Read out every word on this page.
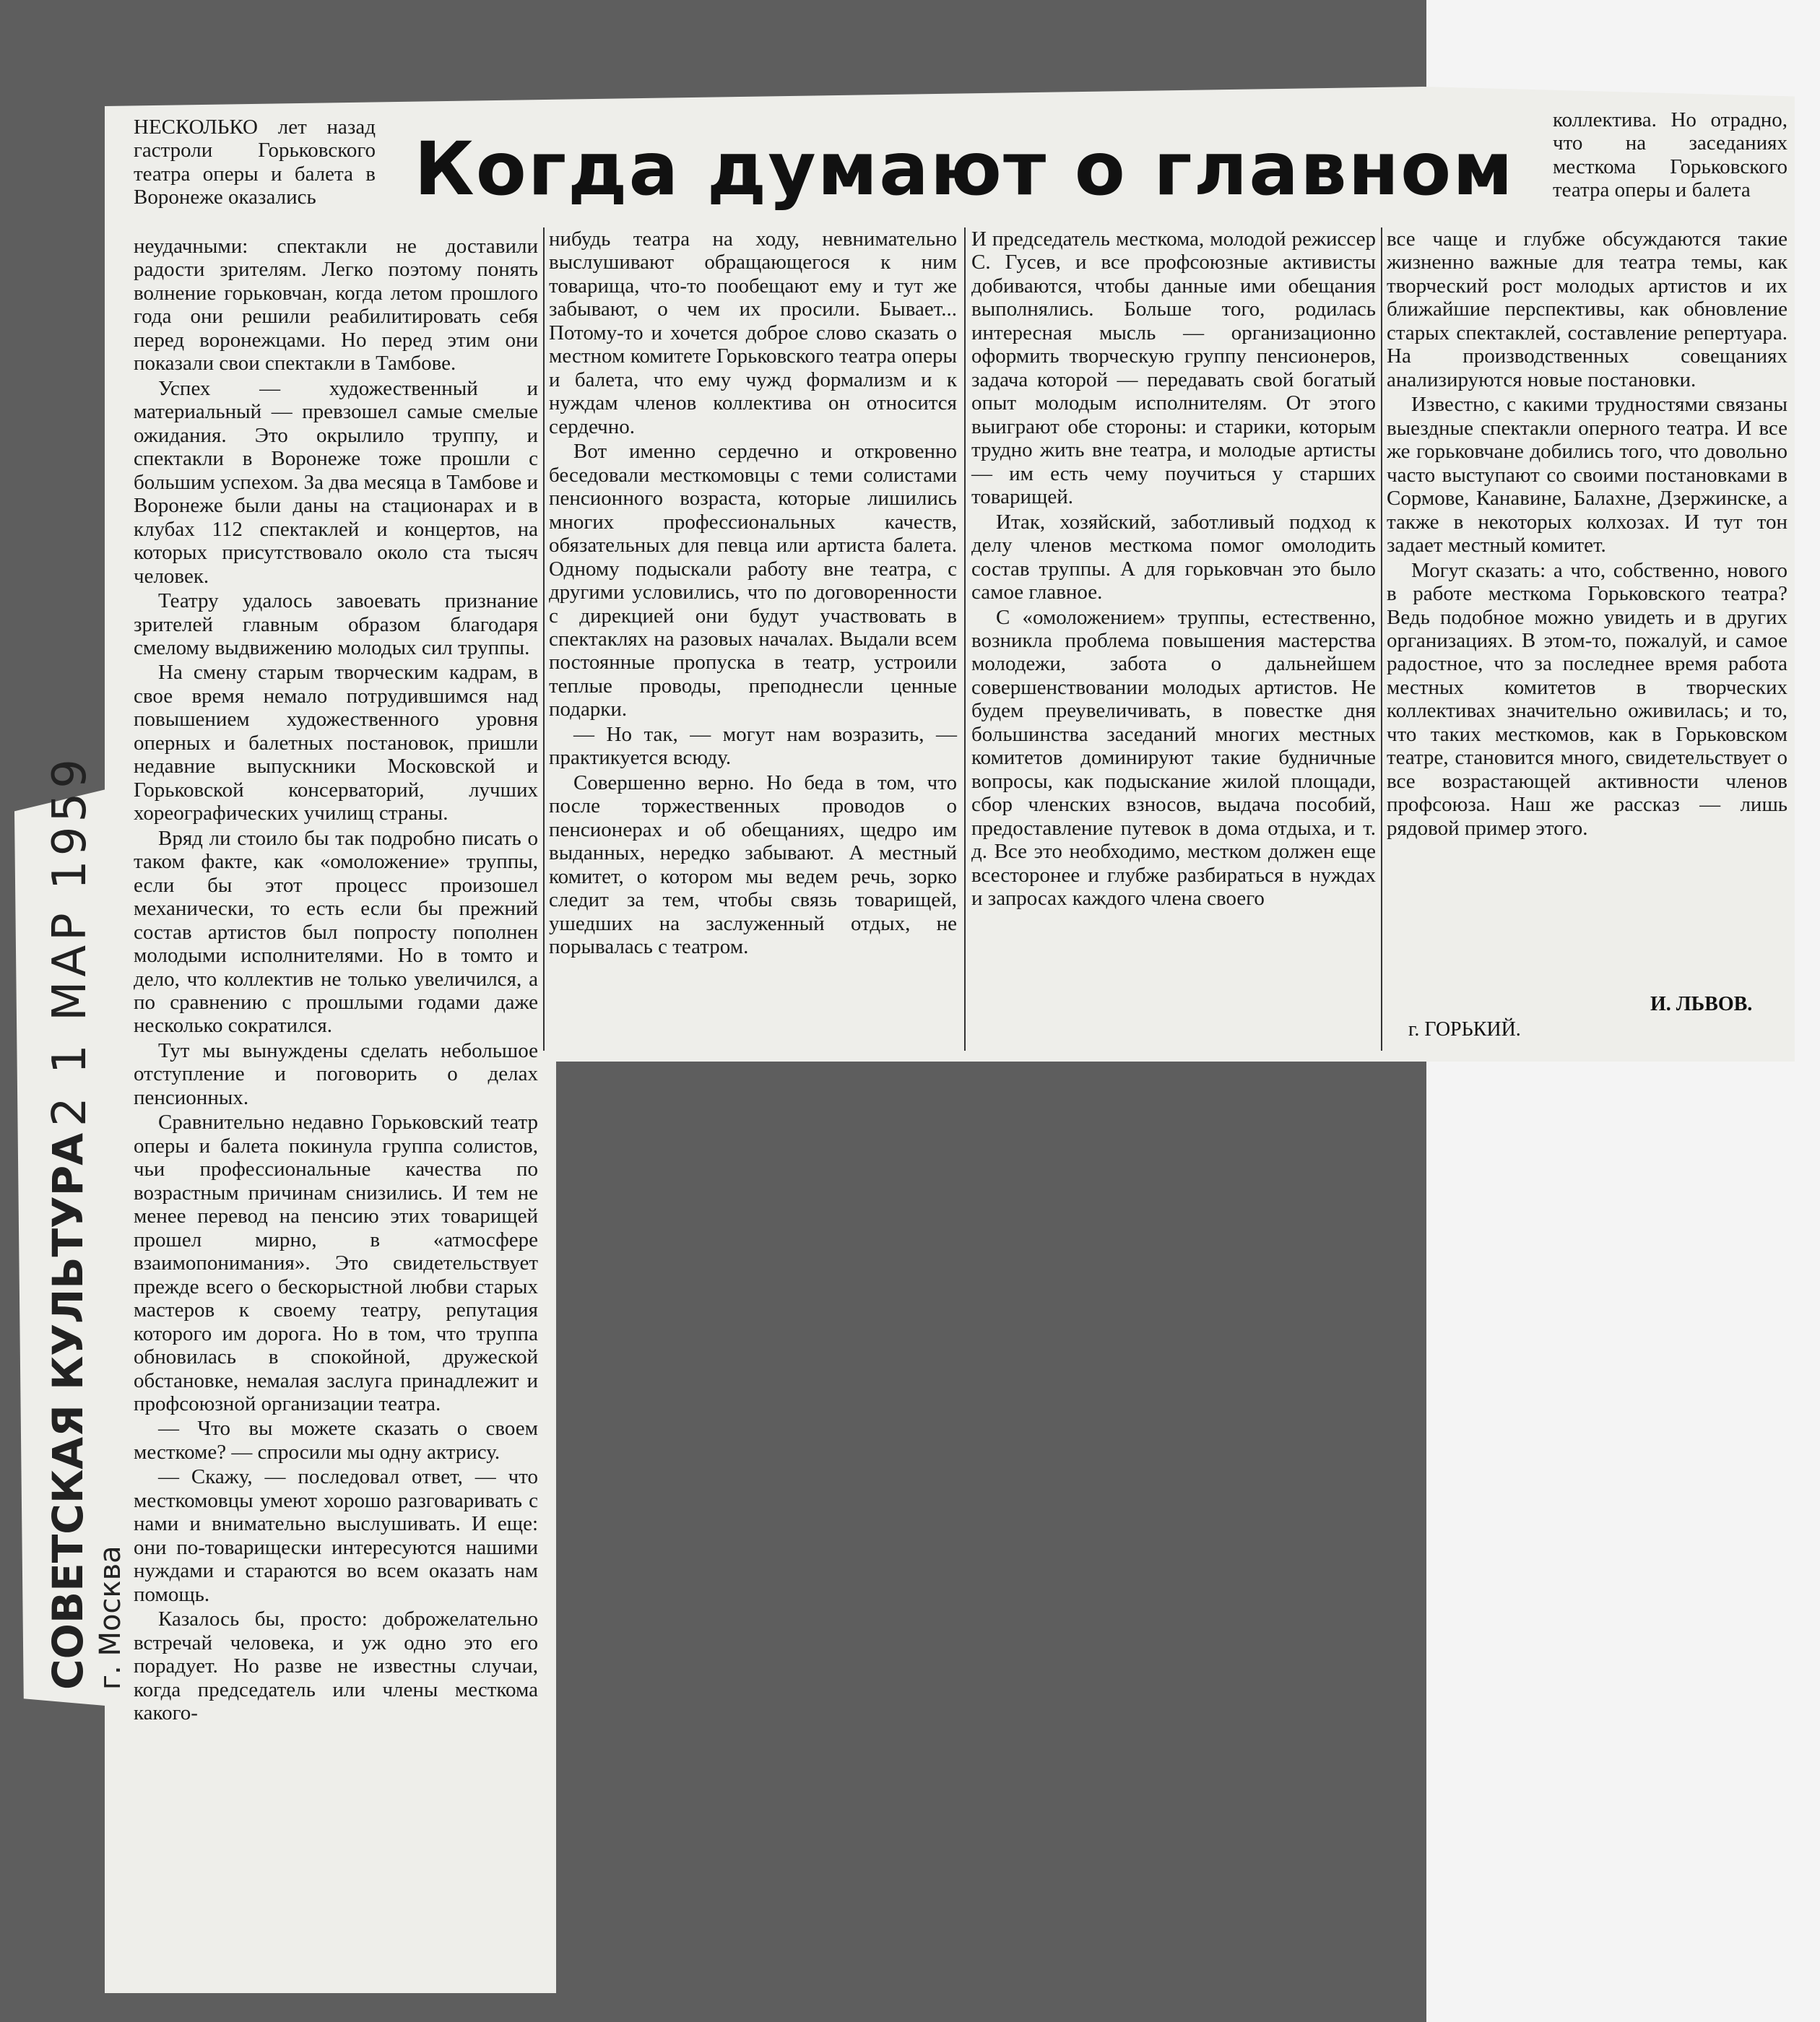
2 1 МАР 1959
СОВЕТСКАЯ КУЛЬТУРА г. Москва
Когда думают о главном

НЕСКОЛЬКО лет назад гастроли Горьковского театра оперы и балета в Воронеже оказались

неудачными: спектакли не доставили радости зрителям. Легко поэтому понять волнение горьковчан, когда летом прошлого года они решили реабилитировать себя перед воронежцами. Но перед этим они показали свои спектакли в Тамбове.

Успех — художественный и материальный — превзошел самые смелые ожидания. Это окрылило труппу, и спектакли в Воронеже тоже прошли с большим успехом. За два месяца в Тамбове и Воронеже были даны на стационарах и в клубах 112 спектаклей и концертов, на которых присутствовало около ста тысяч человек.

Театру удалось завоевать признание зрителей главным образом благодаря смелому выдвижению молодых сил труппы.

На смену старым творческим кадрам, в свое время немало потрудившимся над повышением художественного уровня оперных и балетных постановок, пришли недавние выпускники Московской и Горьковской консерваторий, лучших хореографических училищ страны.

Вряд ли стоило бы так подробно писать о таком факте, как «омоложение» труппы, если бы этот процесс произошел механически, то есть если бы прежний состав артистов был попросту пополнен молодыми исполнителями. Но в томто и дело, что коллектив не только увеличился, а по сравнению с прошлыми годами даже несколько сократился.

Тут мы вынуждены сделать небольшое отступление и поговорить о делах пенсионных.

Сравнительно недавно Горьковский театр оперы и балета покинула группа солистов, чьи профессиональные качества по возрастным причинам снизились. И тем не менее перевод на пенсию этих товарищей прошел мирно, в «атмосфере взаимопонимания». Это свидетельствует прежде всего о бескорыстной любви старых мастеров к своему театру, репутация которого им дорога. Но в том, что труппа обновилась в спокойной, дружеской обстановке, немалая заслуга принадлежит и профсоюзной организации театра.

— Что вы можете сказать о своем месткоме? — спросили мы одну актрису.

— Скажу, — последовал ответ, — что месткомовцы умеют хорошо разговаривать с нами и внимательно выслушивать. И еще: они по-товарищески интересуются нашими нуждами и стараются во всем оказать нам помощь.

Казалось бы, просто: доброжелательно встречай человека, и уж одно это его порадует. Но разве не известны случаи, когда председатель или члены месткома какого-

нибудь театра на ходу, невнимательно выслушивают обращающегося к ним товарища, что-то пообещают ему и тут же забывают, о чем их просили. Бывает... Потому-то и хочется доброе слово сказать о местном комитете Горьковского театра оперы и балета, что ему чужд формализм и к нуждам членов коллектива он относится сердечно.

Вот именно сердечно и откровенно беседовали месткомовцы с теми солистами пенсионного возраста, которые лишились многих профессиональных качеств, обязательных для певца или артиста балета. Одному подыскали работу вне театра, с другими условились, что по договоренности с дирекцией они будут участвовать в спектаклях на разовых началах. Выдали всем постоянные пропуска в театр, устроили теплые проводы, преподнесли ценные подарки.

— Но так, — могут нам возразить, — практикуется всюду.

Совершенно верно. Но беда в том, что после торжественных проводов о пенсионерах и об обещаниях, щедро им выданных, нередко забывают. А местный комитет, о котором мы ведем речь, зорко следит за тем, чтобы связь товарищей, ушедших на заслуженный отдых, не порывалась с театром.

И председатель месткома, молодой режиссер С. Гусев, и все профсоюзные активисты добиваются, чтобы данные ими обещания выполнялись. Больше того, родилась интересная мысль — организационно оформить творческую группу пенсионеров, задача которой — передавать свой богатый опыт молодым исполнителям. От этого выиграют обе стороны: и старики, которым трудно жить вне театра, и молодые артисты — им есть чему поучиться у старших товарищей.

Итак, хозяйский, заботливый подход к делу членов месткома помог омолодить состав труппы. А для горьковчан это было самое главное.

С «омоложением» труппы, естественно, возникла проблема повышения мастерства молодежи, забота о дальнейшем совершенствовании молодых артистов. Не будем преувеличивать, в повестке дня большинства заседаний многих местных комитетов доминируют такие будничные вопросы, как подыскание жилой площади, сбор членских взносов, выдача пособий, предоставление путевок в дома отдыха, и т. д. Все это необходимо, местком должен еще всесторонее и глубже разбираться в нуждах и запросах каждого члена своего

коллектива. Но отрадно, что на заседаниях месткома Горьковского театра оперы и балета

все чаще и глубже обсуждаются такие жизненно важные для театра темы, как творческий рост молодых артистов и их ближайшие перспективы, как обновление старых спектаклей, составление репертуара. На производственных совещаниях анализируются новые постановки.

Известно, с какими трудностями связаны выездные спектакли оперного театра. И все же горьковчане добились того, что довольно часто выступают со своими постановками в Сормове, Канавине, Балахне, Дзержинске, а также в некоторых колхозах. И тут тон задает местный комитет.

Могут сказать: а что, собственно, нового в работе месткома Горьковского театра? Ведь подобное можно увидеть и в других организациях. В этом-то, пожалуй, и самое радостное, что за последнее время работа местных комитетов в творческих коллективах значительно оживилась; и то, что таких месткомов, как в Горьковском театре, становится много, свидетельствует о все возрастающей активности членов профсоюза. Наш же рассказ — лишь рядовой пример этого.

И. ЛЬВОВ.
г. ГОРЬКИЙ.
